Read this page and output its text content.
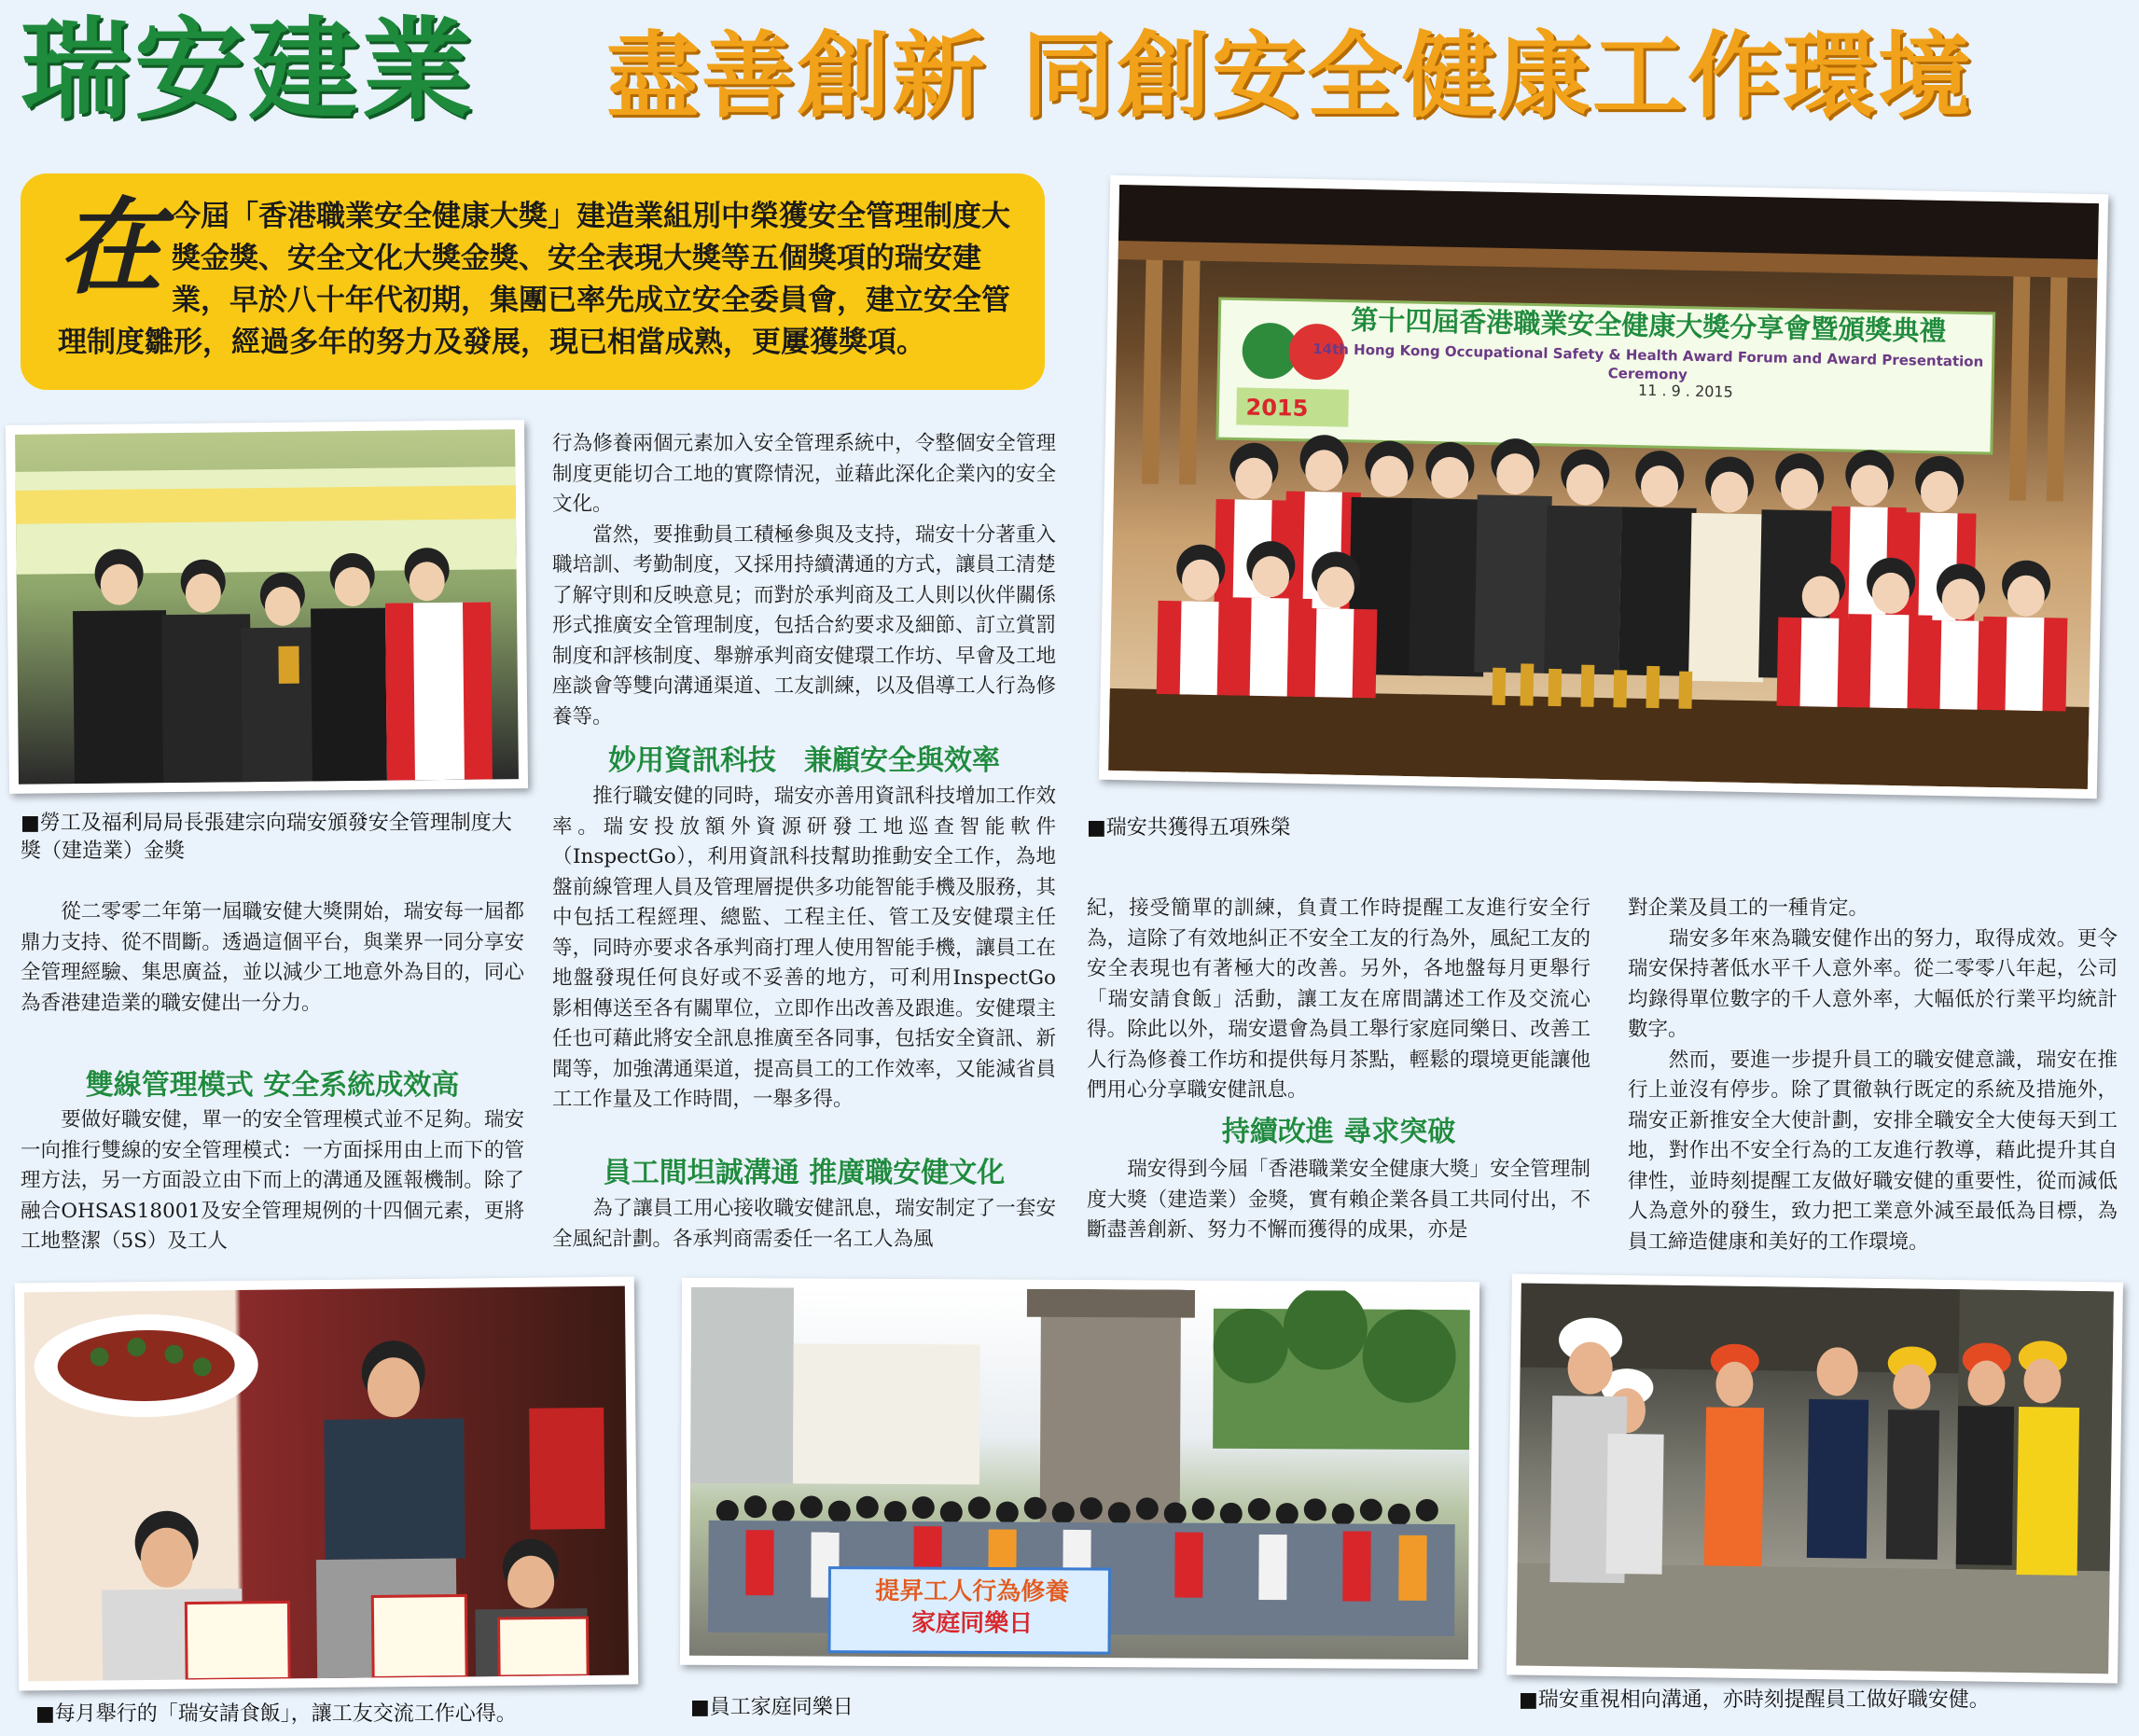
瑞安建業 盡善創新 同創安全健康工作環境
在 今屆「香港職業安全健康大獎」建造業組別中榮獲安全管理制度大獎金獎、安全文化大獎金獎、安全表現大獎等五個獎項的瑞安建業，早於八十年代初期，集團已率先成立安全委員會，建立安全管理制度雛形，經過多年的努力及發展，現已相當成熟，更屢獲獎項。	第十四屆香港職業安全健康大獎分享會暨頒獎典禮
14th Hong Kong Occupational Safety & Health Award Forum and Award Presentation Ceremony
11 . 9 . 2015
2015
■瑞安共獲得五項殊榮
■勞工及福利局局長張建宗向瑞安頒發安全管理制度大獎（建造業）金獎
　　從二零零二年第一屆職安健大獎開始，瑞安每一屆都鼎力支持、從不間斷。透過這個平台，與業界一同分享安全管理經驗、集思廣益，並以減少工地意外為目的，同心為香港建造業的職安健出一分力。
雙線管理模式 安全系統成效高
　　要做好職安健，單一的安全管理模式並不足夠。瑞安一向推行雙線的安全管理模式：一方面採用由上而下的管理方法，另一方面設立由下而上的溝通及匯報機制。除了融合OHSAS18001及安全管理規例的十四個元素，更將工地整潔（5S）及工人
行為修養兩個元素加入安全管理系統中，令整個安全管理制度更能切合工地的實際情況，並藉此深化企業內的安全文化。
　　當然，要推動員工積極參與及支持，瑞安十分著重入職培訓、考勤制度，又採用持續溝通的方式，讓員工清楚了解守則和反映意見；而對於承判商及工人則以伙伴關係形式推廣安全管理制度，包括合約要求及細節、訂立賞罰制度和評核制度、舉辦承判商安健環工作坊、早會及工地座談會等雙向溝通渠道、工友訓練，以及倡導工人行為修養等。
妙用資訊科技　兼顧安全與效率
　　推行職安健的同時，瑞安亦善用資訊科技增加工作效率。瑞安投放額外資源研發工地巡查智能軟件（InspectGo），利用資訊科技幫助推動安全工作，為地盤前線管理人員及管理層提供多功能智能手機及服務，其中包括工程經理、總監、工程主任、管工及安健環主任等，同時亦要求各承判商打理人使用智能手機，讓員工在地盤發現任何良好或不妥善的地方，可利用InspectGo影相傳送至各有關單位，立即作出改善及跟進。安健環主任也可藉此將安全訊息推廣至各同事，包括安全資訊、新聞等，加強溝通渠道，提高員工的工作效率，又能減省員工工作量及工作時間，一舉多得。
員工間坦誠溝通 推廣職安健文化
　　為了讓員工用心接收職安健訊息，瑞安制定了一套安全風紀計劃。各承判商需委任一名工人為風
紀，接受簡單的訓練，負責工作時提醒工友進行安全行為，這除了有效地糾正不安全工友的行為外，風紀工友的安全表現也有著極大的改善。另外，各地盤每月更舉行「瑞安請食飯」活動，讓工友在席間講述工作及交流心得。除此以外，瑞安還會為員工舉行家庭同樂日、改善工人行為修養工作坊和提供每月茶點，輕鬆的環境更能讓他們用心分享職安健訊息。
持續改進 尋求突破
　　瑞安得到今屆「香港職業安全健康大獎」安全管理制度大獎（建造業）金獎，實有賴企業各員工共同付出，不斷盡善創新、努力不懈而獲得的成果，亦是
對企業及員工的一種肯定。
　　瑞安多年來為職安健作出的努力，取得成效。更令瑞安保持著低水平千人意外率。從二零零八年起，公司均錄得單位數字的千人意外率，大幅低於行業平均統計數字。
　　然而，要進一步提升員工的職安健意識，瑞安在推行上並沒有停步。除了貫徹執行既定的系統及措施外，瑞安正新推安全大使計劃，安排全職安全大使每天到工地，對作出不安全行為的工友進行教導，藉此提升其自律性，並時刻提醒工友做好職安健的重要性，從而減低人為意外的發生，致力把工業意外減至最低為目標，為員工締造健康和美好的工作環境。
■每月舉行的「瑞安請食飯」，讓工友交流工作心得。
提昇工人行為修養
家庭同樂日
■員工家庭同樂日	■瑞安重視相向溝通，亦時刻提醒員工做好職安健。
